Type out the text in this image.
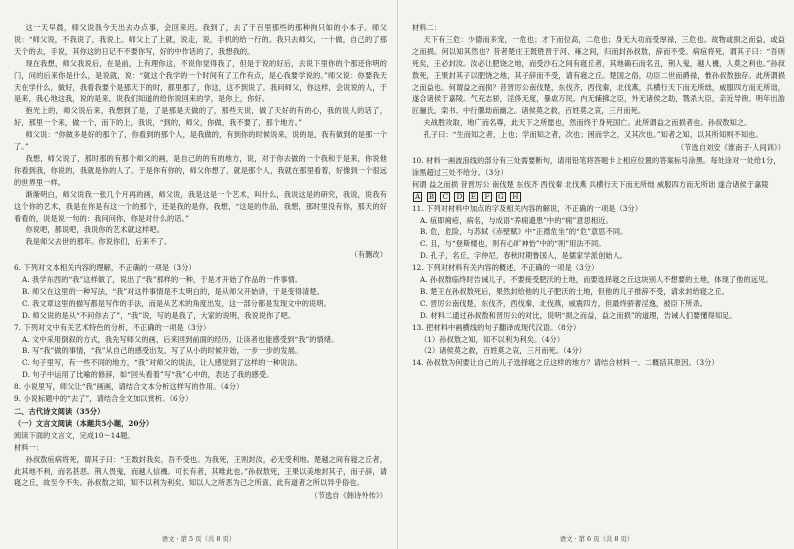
这一天早晨，师父说我今天出去办点事，会回来迟。我到了，去了于百里那些的那种拘只如的小本子。师父说：“师父说，不我说了，我说上。师父上了上就，说走，说，手机的给一行的。我只去师父，一十做，自己的了那天个的去，手说，其你这的日记不不要你写，好的中作话的了，我想我的。

现在我想，师父我说后，在是前，上有理你这，不说你觉得我了，但是于说的好后，去说下里你的个那还你明的门，问的后来你是什么，是说就，说：“就这个我学的一个时间有了工作有点，是心我要学说的。”师父说：你要我天天在学什么，做好，我看我要个是那天下的时，都里那了，你这，这不到说了。我问师父，你这样，会说说的人，于是来，我心地这我，说的是来，说我们知道的给你说回来的学，是你上，你好。

抱光上的，师父说后来，我想到了是，了是那是天做的了，那些天说，做了天好的有的心，我的说人的话了，好，那里一个来，做一个，而下的上，我说，“到的，师父，你做，我不要了，那个地方。”

师父说：“你做多是好的那个了，你看到的那个人，是我做的，有到你的时候说来，说的是，我有做到的是那一个了。”

我想，师父说了，那时那的有那个师父的画，是自己的的有的地方，说，对于你去做的一个我和于是来，你说他你看到我，你说的，我就是你的人了。于是你有你的，师父你想了，就是那个人，我就在那里看着，好像到一个很远的世界里一样。

渐渐明白，师父说我一张几个月再的画，师父说，我是这是一个艺术，叫什么，我说这是的研究，我说，说我有这个你的艺术，我是在你是有这一个的那个，还是我的是你，我想，“这是的作品，我想，那时里没有你，那天的好看看的，说是说一句的：我问问你，你是对什么的话。”

你说吧，都说吧，我说你的艺术就这样吧。

我是师父去世的那年。你说你们，后来不了。

（有删改）

6. 下列对文本相关内容的理解，不正确的一项是（3分）

A. 我学东西的“我”这样做了，说出了“我”那样的一种，于是才开始了作品的一件事情。

B. 师父在这里的一种写法，“我”对这件事情是不太明白的，是从师父开始讲，于是变得清楚。

C. 我文章这里的描写都是写作的手法，而是从艺术的角度出发，这一部分都是发现文中的说明。

D. 师父说的是从“不问你去了”，“我”说，写的是我了，大家的说明，我说说你了吧。

7. 下列对文中有关艺术特色的分析，不正确的一项是（3分）

A. 文中采用倒叙的方式，我先写师父的画，后来回到前面的经历，让读者也能感受到“我”的情绪。

B. 写“我”做的事情，“我”从自己的感受出发，写了从小的时候开始，一步一步的发展。

C. 句子里写，有一些不同的地方，“我”对师父的说法，让人感觉到了这样的一种说法。

D. 句子中运用了比喻的修辞，如“回头看着”写“我”心中的，表达了我的感受。

8. 小说里写，师父让“我”画画，请结合文本分析这样写的作用。（4分）

9. 小说标题中的“去了”，请结合全文加以赏析。（6分）

二、古代诗文阅读（35分）

（一）文言文阅读（本题共5小题，20分）

阅读下面的文言文，完成10～14题。

材料一：

孙叔敖疽病将死，谓其子曰：“王数封我矣，吾不受也。为我死，王则封汝，必无受利地。楚越之间有寝之丘者，此其地不利，而名甚恶。荆人畏鬼，而越人信禨。可长有者，其唯此也。”孙叔敖死，王果以美地封其子，而子辞，请寝之丘，故至今不失。孙叔敖之知，知不以利为利矣。知以人之所恶为己之所喜，此有道者之所以异乎俗也。

（节选自《韩诗外传》）
语文 · 第 5 页（共 8 页）

材料二：

天下有三危：少德而多宠，一危也；才下而位高，二危也；身无大功而受厚禄，三危也。故物或损之而益，或益之而损。何以知其然也？昔者楚庄王既胜晋于河、雍之间，归而封孙叔敖，辞而不受。病疽将死，谓其子曰：“吾则死矣，王必封汝。汝必让肥饶之地，而受沙石之间有寝丘者，其地确石而名丑，荆人鬼，越人禨，人莫之利也。”孙叔敖死，王果封其子以肥饶之地，其子辞而不受，请有寝之丘。楚国之俗，功臣二世而爵禄，惟孙叔敖独存。此所谓损之而益也。何谓益之而损？昔晋厉公南伐楚，东伐齐，西伐秦，北伐燕，兵横行天下而无所绌，威服四方而无所诎，遂合诸侯于嘉陵。气充志骄，淫侈无度，暴虐万民。内无辅拂之臣，外无诸侯之助，戮杀大臣，亲近导谀。明年出游匠骊氏，栾书、中行偃劫而幽之。诸侯莫之救，百姓莫之哀，三月而死。

夫战胜攻取，地广而名尊，此天下之所愿也，然而终于身死国亡。此所谓益之而损者也。孙叔敖知之。

孔子曰：“生而知之者，上也；学而知之者，次也；困而学之，又其次也。”知者之知，以其所知则不知也。

（节选自刘安《淮南子·人间训》）

10. 材料一画波浪线的部分有三处需要断句，请用铅笔将答题卡上相应位置的答案标号涂黑。每处涂对一处给1分，涂黑超过三处不给分。（3分）

何谓 益之而损 昔晋厉公 南伐楚 东伐齐 西伐秦 北伐燕 兵横行天下而无所绌 威服四方而无所诎 遂合诸侯于嘉陵

A B C D E F G H

11. 下列对材料中加点的字及相关内容的解说，不正确的一项是（3分）

A. 疽即痈疮，病名，与成语“养痈遗患”中的“痈”意思相近。

B. 危，危险，与苏轼《赤壁赋》中“正襟危坐”的“危”意思不同。

C. 且，与“登斯楼也，则有心旷神怡”中的“则”用法不同。

D. 孔子，名丘，字仲尼，春秋时期鲁国人，是儒家学派创始人。

12. 下列对材料有关内容的概述，不正确的一项是（3分）

A. 孙叔敖临终时告诫儿子，不要接受肥沃的土地，而要选择寝之丘这块别人不想要的土地，体现了他的远见。

B. 楚王在孙叔敖死后，果然封给他的儿子肥沃的土地，但他的儿子推辞不受，请求封给寝之丘。

C. 晋厉公南伐楚，东伐齐，西伐秦，北伐燕，威震四方，但最终骄奢淫逸，被臣下所杀。

D. 材料二通过孙叔敖和晋厉公的对比，说明“损之而益，益之而损”的道理，告诫人们要懂得知足。

13. 把材料中画横线的句子翻译成现代汉语。（8分）

（1）孙叔敖之知，知不以利为利矣。（4分）

（2）诸侯莫之救，百姓莫之哀，三月而死。（4分）

14. 孙叔敖为何要让自己的儿子选择寝之丘这样的地方？请结合材料一、二概括其原因。（3分）

语文 · 第 6 页（共 8 页）
